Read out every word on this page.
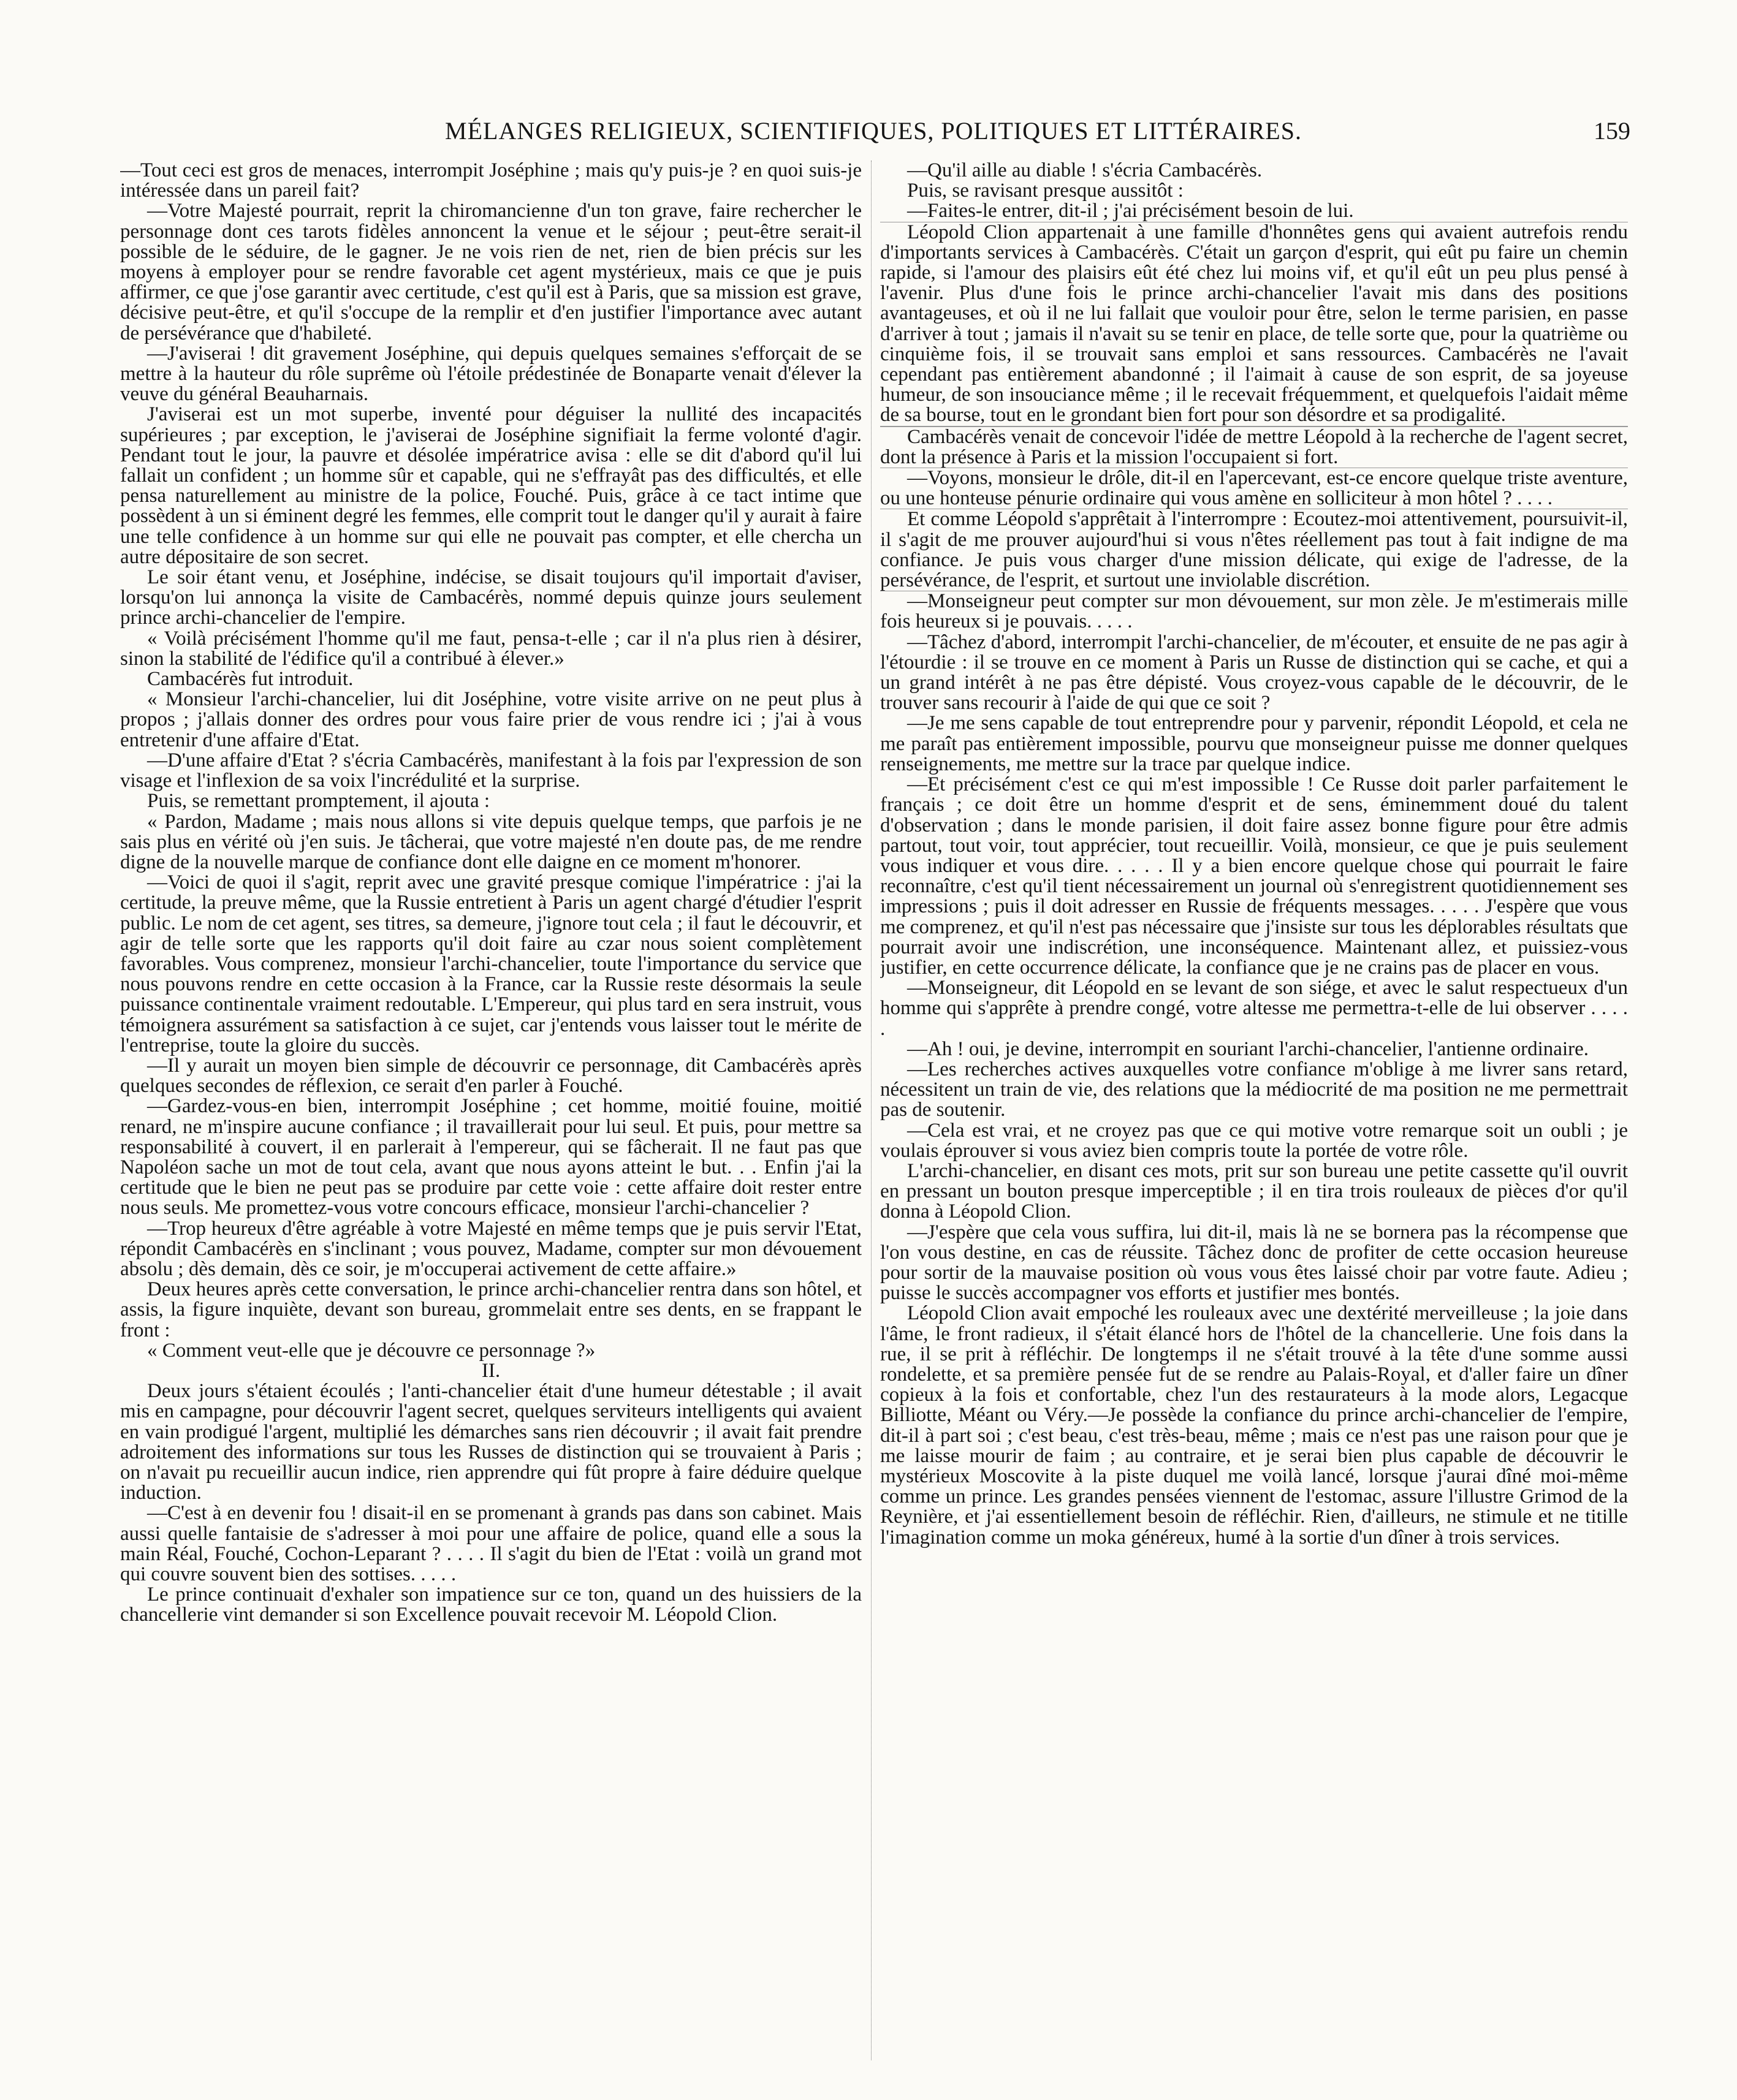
MÉLANGES RELIGIEUX, SCIENTIFIQUES, POLITIQUES ET LITTÉRAIRES.	159

—Tout ceci est gros de menaces, interrompit Joséphine ; mais qu'y puis-je ? en quoi suis-je intéressée dans un pareil fait?

—Votre Majesté pourrait, reprit la chiromancienne d'un ton grave, faire rechercher le personnage dont ces tarots fidèles annoncent la venue et le séjour ; peut-être serait-il possible de le séduire, de le gagner. Je ne vois rien de net, rien de bien précis sur les moyens à employer pour se rendre favorable cet agent mystérieux, mais ce que je puis affirmer, ce que j'ose garantir avec certitude, c'est qu'il est à Paris, que sa mission est grave, décisive peut-être, et qu'il s'occupe de la remplir et d'en justifier l'importance avec autant de persévérance que d'habileté.

—J'aviserai ! dit gravement Joséphine, qui depuis quelques semaines s'efforçait de se mettre à la hauteur du rôle suprême où l'étoile prédestinée de Bonaparte venait d'élever la veuve du général Beauharnais.

J'aviserai est un mot superbe, inventé pour déguiser la nullité des incapacités supérieures ; par exception, le j'aviserai de Joséphine signifiait la ferme volonté d'agir. Pendant tout le jour, la pauvre et désolée impératrice avisa : elle se dit d'abord qu'il lui fallait un confident ; un homme sûr et capable, qui ne s'effrayât pas des difficultés, et elle pensa naturellement au ministre de la police, Fouché. Puis, grâce à ce tact intime que possèdent à un si éminent degré les femmes, elle comprit tout le danger qu'il y aurait à faire une telle confidence à un homme sur qui elle ne pouvait pas compter, et elle chercha un autre dépositaire de son secret.

Le soir étant venu, et Joséphine, indécise, se disait toujours qu'il importait d'aviser, lorsqu'on lui annonça la visite de Cambacérès, nommé depuis quinze jours seulement prince archi-chancelier de l'empire.

« Voilà précisément l'homme qu'il me faut, pensa-t-elle ; car il n'a plus rien à désirer, sinon la stabilité de l'édifice qu'il a contribué à élever.»

Cambacérès fut introduit.

« Monsieur l'archi-chancelier, lui dit Joséphine, votre visite arrive on ne peut plus à propos ; j'allais donner des ordres pour vous faire prier de vous rendre ici ; j'ai à vous entretenir d'une affaire d'Etat.

—D'une affaire d'Etat ? s'écria Cambacérès, manifestant à la fois par l'expression de son visage et l'inflexion de sa voix l'incrédulité et la surprise.

Puis, se remettant promptement, il ajouta :

« Pardon, Madame ; mais nous allons si vite depuis quelque temps, que parfois je ne sais plus en vérité où j'en suis. Je tâcherai, que votre majesté n'en doute pas, de me rendre digne de la nouvelle marque de confiance dont elle daigne en ce moment m'honorer.

—Voici de quoi il s'agit, reprit avec une gravité presque comique l'impératrice : j'ai la certitude, la preuve même, que la Russie entretient à Paris un agent chargé d'étudier l'esprit public. Le nom de cet agent, ses titres, sa demeure, j'ignore tout cela ; il faut le découvrir, et agir de telle sorte que les rapports qu'il doit faire au czar nous soient complètement favorables. Vous comprenez, monsieur l'archi-chancelier, toute l'importance du service que nous pouvons rendre en cette occasion à la France, car la Russie reste désormais la seule puissance continentale vraiment redoutable. L'Empereur, qui plus tard en sera instruit, vous témoignera assurément sa satisfaction à ce sujet, car j'entends vous laisser tout le mérite de l'entreprise, toute la gloire du succès.

—Il y aurait un moyen bien simple de découvrir ce personnage, dit Cambacérès après quelques secondes de réflexion, ce serait d'en parler à Fouché.

—Gardez-vous-en bien, interrompit Joséphine ; cet homme, moitié fouine, moitié renard, ne m'inspire aucune confiance ; il travaillerait pour lui seul. Et puis, pour mettre sa responsabilité à couvert, il en parlerait à l'empereur, qui se fâcherait. Il ne faut pas que Napoléon sache un mot de tout cela, avant que nous ayons atteint le but. . . Enfin j'ai la certitude que le bien ne peut pas se produire par cette voie : cette affaire doit rester entre nous seuls. Me promettez-vous votre concours efficace, monsieur l'archi-chancelier ?

—Trop heureux d'être agréable à votre Majesté en même temps que je puis servir l'Etat, répondit Cambacérès en s'inclinant ; vous pouvez, Madame, compter sur mon dévouement absolu ; dès demain, dès ce soir, je m'occuperai activement de cette affaire.»

Deux heures après cette conversation, le prince archi-chancelier rentra dans son hôtel, et assis, la figure inquiète, devant son bureau, grommelait entre ses dents, en se frappant le front :

« Comment veut-elle que je découvre ce personnage ?»

II.

Deux jours s'étaient écoulés ; l'anti-chancelier était d'une humeur détestable ; il avait mis en campagne, pour découvrir l'agent secret, quelques serviteurs intelligents qui avaient en vain prodigué l'argent, multiplié les démarches sans rien découvrir ; il avait fait prendre adroitement des informations sur tous les Russes de distinction qui se trouvaient à Paris ; on n'avait pu recueillir aucun indice, rien apprendre qui fût propre à faire déduire quelque induction.

—C'est à en devenir fou ! disait-il en se promenant à grands pas dans son cabinet. Mais aussi quelle fantaisie de s'adresser à moi pour une affaire de police, quand elle a sous la main Réal, Fouché, Cochon-Leparant ? . . . . Il s'agit du bien de l'Etat : voilà un grand mot qui couvre souvent bien des sottises. . . . .

Le prince continuait d'exhaler son impatience sur ce ton, quand un des huissiers de la chancellerie vint demander si son Excellence pouvait recevoir M. Léopold Clion.

—Qu'il aille au diable ! s'écria Cambacérès.

Puis, se ravisant presque aussitôt :

—Faites-le entrer, dit-il ; j'ai précisément besoin de lui.

Léopold Clion appartenait à une famille d'honnêtes gens qui avaient autrefois rendu d'importants services à Cambacérès. C'était un garçon d'esprit, qui eût pu faire un chemin rapide, si l'amour des plaisirs eût été chez lui moins vif, et qu'il eût un peu plus pensé à l'avenir. Plus d'une fois le prince archi-chancelier l'avait mis dans des positions avantageuses, et où il ne lui fallait que vouloir pour être, selon le terme parisien, en passe d'arriver à tout ; jamais il n'avait su se tenir en place, de telle sorte que, pour la quatrième ou cinquième fois, il se trouvait sans emploi et sans ressources. Cambacérès ne l'avait cependant pas entièrement abandonné ; il l'aimait à cause de son esprit, de sa joyeuse humeur, de son insouciance même ; il le recevait fréquemment, et quelquefois l'aidait même de sa bourse, tout en le grondant bien fort pour son désordre et sa prodigalité.

Cambacérès venait de concevoir l'idée de mettre Léopold à la recherche de l'agent secret, dont la présence à Paris et la mission l'occupaient si fort.

—Voyons, monsieur le drôle, dit-il en l'apercevant, est-ce encore quelque triste aventure, ou une honteuse pénurie ordinaire qui vous amène en solliciteur à mon hôtel ? . . . .

Et comme Léopold s'apprêtait à l'interrompre : Ecoutez-moi attentivement, poursuivit-il, il s'agit de me prouver aujourd'hui si vous n'êtes réellement pas tout à fait indigne de ma confiance. Je puis vous charger d'une mission délicate, qui exige de l'adresse, de la persévérance, de l'esprit, et surtout une inviolable discrétion.

—Monseigneur peut compter sur mon dévouement, sur mon zèle. Je m'estimerais mille fois heureux si je pouvais. . . . .

—Tâchez d'abord, interrompit l'archi-chancelier, de m'écouter, et ensuite de ne pas agir à l'étourdie : il se trouve en ce moment à Paris un Russe de distinction qui se cache, et qui a un grand intérêt à ne pas être dépisté. Vous croyez-vous capable de le découvrir, de le trouver sans recourir à l'aide de qui que ce soit ?

—Je me sens capable de tout entreprendre pour y parvenir, répondit Léopold, et cela ne me paraît pas entièrement impossible, pourvu que monseigneur puisse me donner quelques renseignements, me mettre sur la trace par quelque indice.

—Et précisément c'est ce qui m'est impossible ! Ce Russe doit parler parfaitement le français ; ce doit être un homme d'esprit et de sens, éminemment doué du talent d'observation ; dans le monde parisien, il doit faire assez bonne figure pour être admis partout, tout voir, tout apprécier, tout recueillir. Voilà, monsieur, ce que je puis seulement vous indiquer et vous dire. . . . . Il y a bien encore quelque chose qui pourrait le faire reconnaître, c'est qu'il tient nécessairement un journal où s'enregistrent quotidiennement ses impressions ; puis il doit adresser en Russie de fréquents messages. . . . . J'espère que vous me comprenez, et qu'il n'est pas nécessaire que j'insiste sur tous les déplorables résultats que pourrait avoir une indiscrétion, une inconséquence. Maintenant allez, et puissiez-vous justifier, en cette occurrence délicate, la confiance que je ne crains pas de placer en vous.

—Monseigneur, dit Léopold en se levant de son siége, et avec le salut respectueux d'un homme qui s'apprête à prendre congé, votre altesse me permettra-t-elle de lui observer . . . . .

—Ah ! oui, je devine, interrompit en souriant l'archi-chancelier, l'antienne ordinaire.

—Les recherches actives auxquelles votre confiance m'oblige à me livrer sans retard, nécessitent un train de vie, des relations que la médiocrité de ma position ne me permettrait pas de soutenir.

—Cela est vrai, et ne croyez pas que ce qui motive votre remarque soit un oubli ; je voulais éprouver si vous aviez bien compris toute la portée de votre rôle.

L'archi-chancelier, en disant ces mots, prit sur son bureau une petite cassette qu'il ouvrit en pressant un bouton presque imperceptible ; il en tira trois rouleaux de pièces d'or qu'il donna à Léopold Clion.

—J'espère que cela vous suffira, lui dit-il, mais là ne se bornera pas la récompense que l'on vous destine, en cas de réussite. Tâchez donc de profiter de cette occasion heureuse pour sortir de la mauvaise position où vous vous êtes laissé choir par votre faute. Adieu ; puisse le succès accompagner vos efforts et justifier mes bontés.

Léopold Clion avait empoché les rouleaux avec une dextérité merveilleuse ; la joie dans l'âme, le front radieux, il s'était élancé hors de l'hôtel de la chancellerie. Une fois dans la rue, il se prit à réfléchir. De longtemps il ne s'était trouvé à la tête d'une somme aussi rondelette, et sa première pensée fut de se rendre au Palais-Royal, et d'aller faire un dîner copieux à la fois et confortable, chez l'un des restaurateurs à la mode alors, Legacque Billiotte, Méant ou Véry.—Je possède la confiance du prince archi-chancelier de l'empire, dit-il à part soi ; c'est beau, c'est très-beau, même ; mais ce n'est pas une raison pour que je me laisse mourir de faim ; au contraire, et je serai bien plus capable de découvrir le mystérieux Moscovite à la piste duquel me voilà lancé, lorsque j'aurai dîné moi-même comme un prince. Les grandes pensées viennent de l'estomac, assure l'illustre Grimod de la Reynière, et j'ai essentiellement besoin de réfléchir. Rien, d'ailleurs, ne stimule et ne titille l'imagination comme un moka généreux, humé à la sortie d'un dîner à trois services.
